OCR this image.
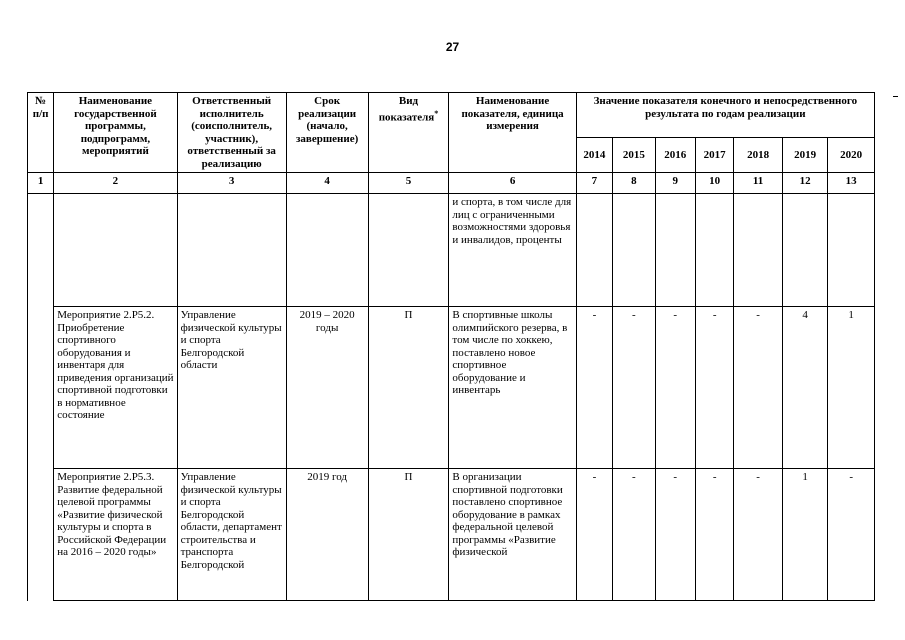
27
№ п/п	Наименование государственной программы, подпрограмм, мероприятий	Ответственный исполнитель (соисполнитель, участник), ответственный за реализацию	Срок реализации (начало, завершение)	Вид показателя*	Наименование показателя, единица измерения	Значение показателя конечного и непосредственного результата по годам реализации						
						2014	2015	2016	2017	2018	2019	2020
1	2	3	4	5	6	7	8	9	10	11	12	13
					и спорта, в том числе для лиц с ограниченными возможностями здоровья и инвалидов, проценты							
	Мероприятие 2.Р5.2. Приобретение спортивного оборудования и инвентаря для приведения организаций спортивной подготовки в нормативное состояние	Управление физической культуры и спорта Белгородской области	2019 – 2020 годы	П	В спортивные школы олимпийского резерва, в том числе по хоккею, поставлено новое спортивное оборудование и инвентарь	-	-	-	-	-	4	1
	Мероприятие 2.Р5.3. Развитие федеральной целевой программы «Развитие физической культуры и спорта в Российской Федерации на 2016 – 2020 годы»	Управление физической культуры и спорта Белгородской области, департамент строительства и транспорта Белгородской	2019 год	П	В организации спортивной подготовки поставлено спортивное оборудование в рамках федеральной целевой программы «Развитие физической	-	-	-	-	-	1	-
